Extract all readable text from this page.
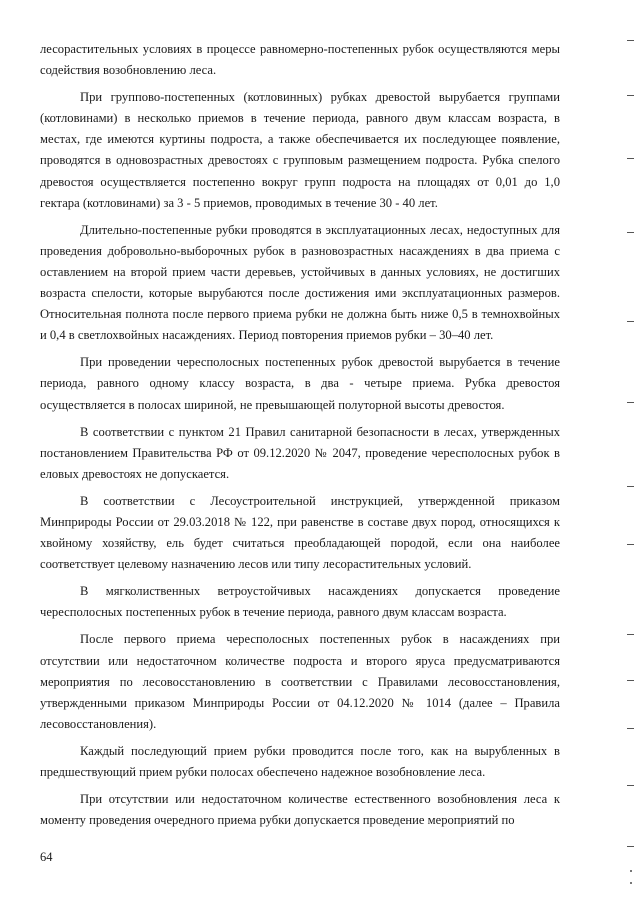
лесорастительных условиях в процессе равномерно-постепенных рубок осуществляются меры содействия возобновлению леса.

При группово-постепенных (котловинных) рубках древостой вырубается группами (котловинами) в несколько приемов в течение периода, равного двум классам возраста, в местах, где имеются куртины подроста, а также обеспечивается их последующее появление, проводятся в одновозрастных древостоях с групповым размещением подроста. Рубка спелого древостоя осуществляется постепенно вокруг групп подроста на площадях от 0,01 до 1,0 гектара (котловинами) за 3 - 5 приемов, проводимых в течение 30 - 40 лет.

Длительно-постепенные рубки проводятся в эксплуатационных лесах, недоступных для проведения добровольно-выборочных рубок в разновозрастных насаждениях в два приема с оставлением на второй прием части деревьев, устойчивых в данных условиях, не достигших возраста спелости, которые вырубаются после достижения ими эксплуатационных размеров. Относительная полнота после первого приема рубки не должна быть ниже 0,5 в темнохвойных и 0,4 в светлохвойных насаждениях. Период повторения приемов рубки – 30–40 лет.

При проведении чересполосных постепенных рубок древостой вырубается в течение периода, равного одному классу возраста, в два - четыре приема. Рубка древостоя осуществляется в полосах шириной, не превышающей полуторной высоты древостоя.

В соответствии с пунктом 21 Правил санитарной безопасности в лесах, утвержденных постановлением Правительства РФ от 09.12.2020 № 2047, проведение чересполосных рубок в еловых древостоях не допускается.

В соответствии с Лесоустроительной инструкцией, утвержденной приказом Минприроды России от 29.03.2018 № 122, при равенстве в составе двух пород, относящихся к хвойному хозяйству, ель будет считаться преобладающей породой, если она наиболее соответствует целевому назначению лесов или типу лесорастительных условий.

В мягколиственных ветроустойчивых насаждениях допускается проведение чересполосных постепенных рубок в течение периода, равного двум классам возраста.

После первого приема чересполосных постепенных рубок в насаждениях при отсутствии или недостаточном количестве подроста и второго яруса предусматриваются мероприятия по лесовосстановлению в соответствии с Правилами лесовосстановления, утвержденными приказом Минприроды России от 04.12.2020 № 1014 (далее – Правила лесовосстановления).

Каждый последующий прием рубки проводится после того, как на вырубленных в предшествующий прием рубки полосах обеспечено надежное возобновление леса.

При отсутствии или недостаточном количестве естественного возобновления леса к моменту проведения очередного приема рубки допускается проведение мероприятий по

64
